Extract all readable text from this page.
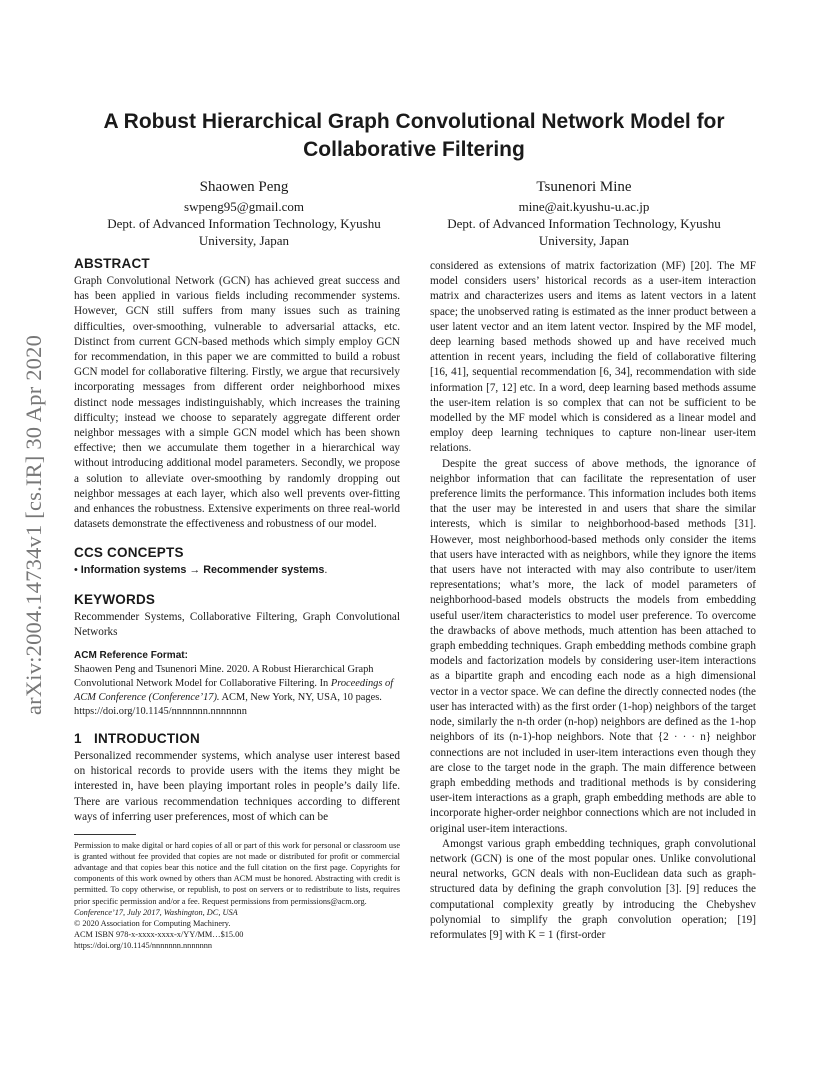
arXiv:2004.14734v1 [cs.IR] 30 Apr 2020
A Robust Hierarchical Graph Convolutional Network Model for Collaborative Filtering
Shaowen Peng
swpeng95@gmail.com
Dept. of Advanced Information Technology, Kyushu
University, Japan
Tsunenori Mine
mine@ait.kyushu-u.ac.jp
Dept. of Advanced Information Technology, Kyushu
University, Japan
ABSTRACT

Graph Convolutional Network (GCN) has achieved great success and has been applied in various fields including recommender systems. However, GCN still suffers from many issues such as training difficulties, over-smoothing, vulnerable to adversarial attacks, etc. Distinct from current GCN-based methods which simply employ GCN for recommendation, in this paper we are committed to build a robust GCN model for collaborative filtering. Firstly, we argue that recursively incorporating messages from different order neighborhood mixes distinct node messages indistinguishably, which increases the training difficulty; instead we choose to separately aggregate different order neighbor messages with a simple GCN model which has been shown effective; then we accumulate them together in a hierarchical way without introducing additional model parameters. Secondly, we propose a solution to alleviate over-smoothing by randomly dropping out neighbor messages at each layer, which also well prevents over-fitting and enhances the robustness. Extensive experiments on three real-world datasets demonstrate the effectiveness and robustness of our model.

CCS CONCEPTS

• Information systems → Recommender systems.

KEYWORDS

Recommender Systems, Collaborative Filtering, Graph Convolutional Networks

ACM Reference Format:

Shaowen Peng and Tsunenori Mine. 2020. A Robust Hierarchical Graph Convolutional Network Model for Collaborative Filtering. In Proceedings of ACM Conference (Conference’17). ACM, New York, NY, USA, 10 pages. https://doi.org/10.1145/nnnnnnn.nnnnnnn

1 INTRODUCTION

Personalized recommender systems, which analyse user interest based on historical records to provide users with the items they might be interested in, have been playing important roles in people’s daily life. There are various recommendation techniques according to different ways of inferring user preferences, most of which can be

Permission to make digital or hard copies of all or part of this work for personal or classroom use is granted without fee provided that copies are not made or distributed for profit or commercial advantage and that copies bear this notice and the full citation on the first page. Copyrights for components of this work owned by others than ACM must be honored. Abstracting with credit is permitted. To copy otherwise, or republish, to post on servers or to redistribute to lists, requires prior specific permission and/or a fee. Request permissions from permissions@acm.org.

Conference’17, July 2017, Washington, DC, USA

© 2020 Association for Computing Machinery.

ACM ISBN 978-x-xxxx-xxxx-x/YY/MM…$15.00

https://doi.org/10.1145/nnnnnnn.nnnnnnn

considered as extensions of matrix factorization (MF) [20]. The MF model considers users’ historical records as a user-item interaction matrix and characterizes users and items as latent vectors in a latent space; the unobserved rating is estimated as the inner product between a user latent vector and an item latent vector. Inspired by the MF model, deep learning based methods showed up and have received much attention in recent years, including the field of collaborative filtering [16, 41], sequential recommendation [6, 34], recommendation with side information [7, 12] etc. In a word, deep learning based methods assume the user-item relation is so complex that can not be sufficient to be modelled by the MF model which is considered as a linear model and employ deep learning techniques to capture non-linear user-item relations.

Despite the great success of above methods, the ignorance of neighbor information that can facilitate the representation of user preference limits the performance. This information includes both items that the user may be interested in and users that share the similar interests, which is similar to neighborhood-based methods [31]. However, most neighborhood-based methods only consider the items that users have interacted with as neighbors, while they ignore the items that users have not interacted with may also contribute to user/item representations; what’s more, the lack of model parameters of neighborhood-based models obstructs the models from embedding useful user/item characteristics to model user preference. To overcome the drawbacks of above methods, much attention has been attached to graph embedding techniques. Graph embedding methods combine graph models and factorization models by considering user-item interactions as a bipartite graph and encoding each node as a high dimensional vector in a vector space. We can define the directly connected nodes (the user has interacted with) as the first order (1-hop) neighbors of the target node, similarly the n-th order (n-hop) neighbors are defined as the 1-hop neighbors of its (n-1)-hop neighbors. Note that {2 · · · n} neighbor connections are not included in user-item interactions even though they are close to the target node in the graph. The main difference between graph embedding methods and traditional methods is by considering user-item interactions as a graph, graph embedding methods are able to incorporate higher-order neighbor connections which are not included in original user-item interactions.

Amongst various graph embedding techniques, graph convolutional network (GCN) is one of the most popular ones. Unlike convolutional neural networks, GCN deals with non-Euclidean data such as graph-structured data by defining the graph convolution [3]. [9] reduces the computational complexity greatly by introducing the Chebyshev polynomial to simplify the graph convolution operation; [19] reformulates [9] with K = 1 (first-order
